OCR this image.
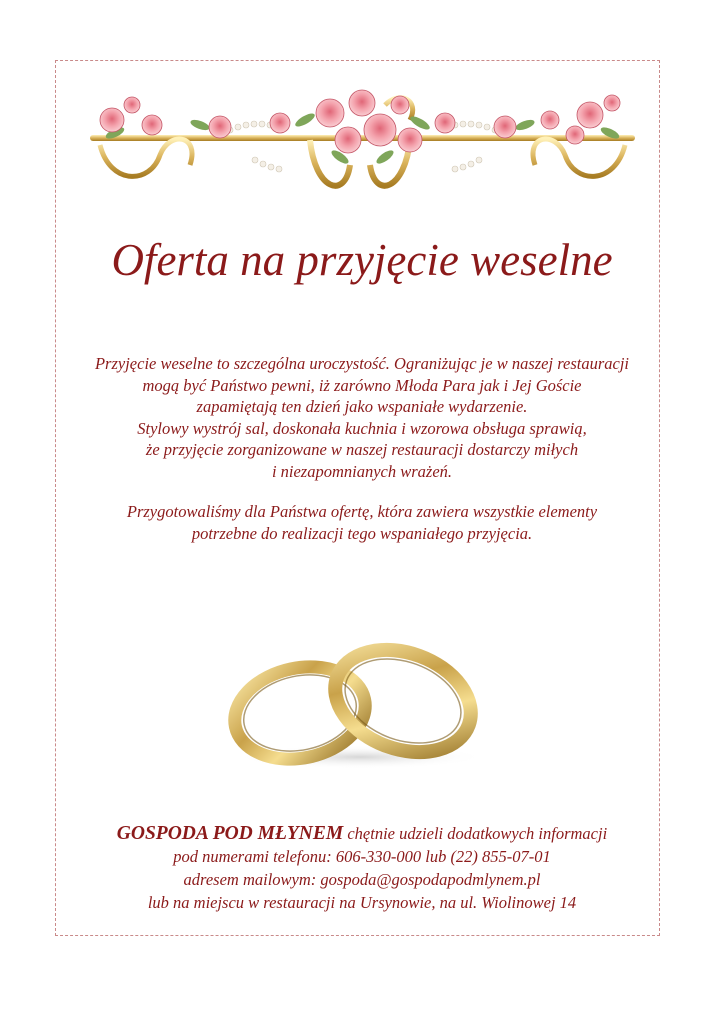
Oferta na przyjęcie weselne

Przyjęcie weselne to szczególna uroczystość. Ograniżując je w naszej restauracji

mogą być Państwo pewni, iż zarówno Młoda Para jak i Jej Goście

zapamiętają ten dzień jako wspaniałe wydarzenie.

Stylowy wystrój sal, doskonała kuchnia i wzorowa obsługa sprawią,

że przyjęcie zorganizowane w naszej restauracji dostarczy miłych

i niezapomnianych wrażeń.

Przygotowaliśmy dla Państwa ofertę, która zawiera wszystkie elementy

potrzebne do realizacji tego wspaniałego przyjęcia.

GOSPODA POD MŁYNEM chętnie udzieli dodatkowych informacji

pod numerami telefonu: 606-330-000 lub (22) 855-07-01

adresem mailowym: gospoda@gospodapodmlynem.pl

lub na miejscu w restauracji na Ursynowie, na ul. Wiolinowej 14
